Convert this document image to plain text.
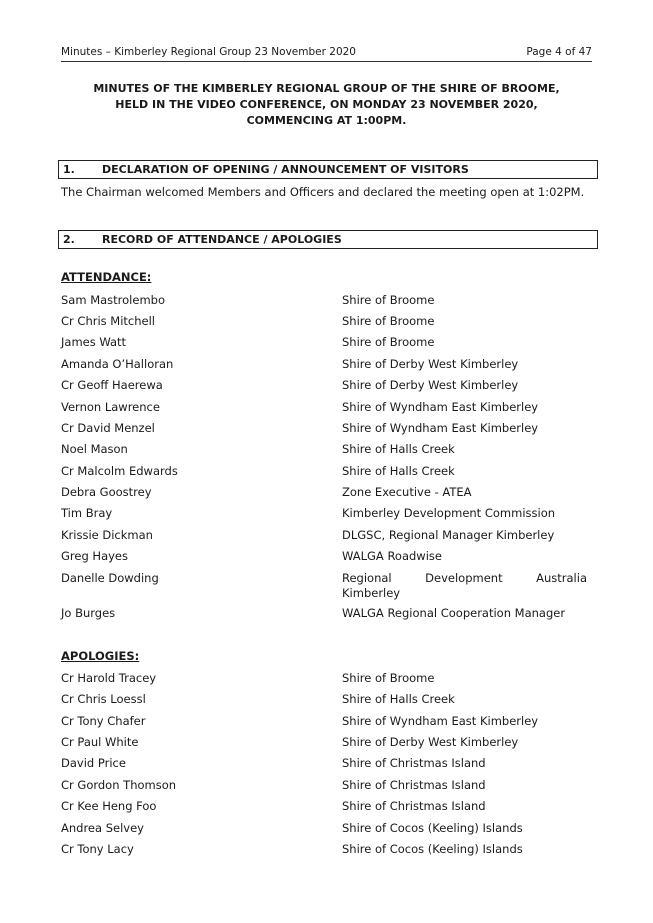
Minutes – Kimberley Regional Group 23 November 2020	Page 4 of 47
MINUTES OF THE KIMBERLEY REGIONAL GROUP OF THE SHIRE OF BROOME,
HELD IN THE VIDEO CONFERENCE, ON MONDAY 23 NOVEMBER 2020,
COMMENCING AT 1:00PM.
1. DECLARATION OF OPENING / ANNOUNCEMENT OF VISITORS
The Chairman welcomed Members and Officers and declared the meeting open at 1:02PM.
2. RECORD OF ATTENDANCE / APOLOGIES
ATTENDANCE:
Sam Mastrolembo	Shire of Broome
Cr Chris Mitchell	Shire of Broome
James Watt	Shire of Broome
Amanda O’Halloran	Shire of Derby West Kimberley
Cr Geoff Haerewa	Shire of Derby West Kimberley
Vernon Lawrence	Shire of Wyndham East Kimberley
Cr David Menzel	Shire of Wyndham East Kimberley
Noel Mason	Shire of Halls Creek
Cr Malcolm Edwards	Shire of Halls Creek
Debra Goostrey	Zone Executive - ATEA
Tim Bray	Kimberley Development Commission
Krissie Dickman	DLGSC, Regional Manager Kimberley
Greg Hayes	WALGA Roadwise
Danelle Dowding	Regional Development Australia Kimberley
Jo Burges	WALGA Regional Cooperation Manager
APOLOGIES:
Cr Harold Tracey	Shire of Broome
Cr Chris Loessl	Shire of Halls Creek
Cr Tony Chafer	Shire of Wyndham East Kimberley
Cr Paul White	Shire of Derby West Kimberley
David Price	Shire of Christmas Island
Cr Gordon Thomson	Shire of Christmas Island
Cr Kee Heng Foo	Shire of Christmas Island
Andrea Selvey	Shire of Cocos (Keeling) Islands
Cr Tony Lacy	Shire of Cocos (Keeling) Islands
